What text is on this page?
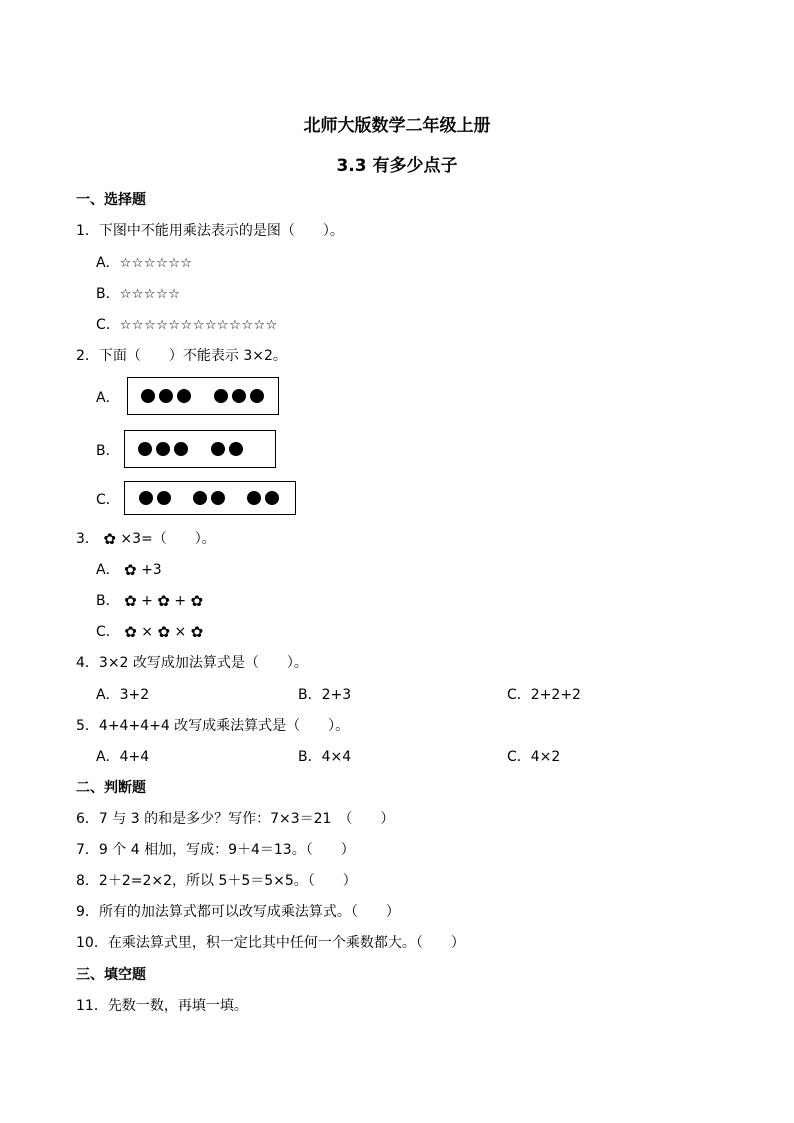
北师大版数学二年级上册
3.3 有多少点子
一、选择题
1．下图中不能用乘法表示的是图（　　）。
A．☆☆☆☆☆☆
B．☆☆☆☆☆
C．☆☆☆☆☆☆☆☆☆☆☆☆☆
2．下面（　　）不能表示 3×2。
A．
B．
C．
3． ✿ ×3=（　　）。
A． ✿ +3
B． ✿ + ✿ + ✿
C． ✿ × ✿ × ✿
4．3×2 改写成加法算式是（　　）。
A．3+2	B．2+3	C．2+2+2
5．4+4+4+4 改写成乘法算式是（　　）。
A．4+4	B．4×4	C．4×2
二、判断题
6．7 与 3 的和是多少？写作：7×3＝21　（　　）
7．9 个 4 相加，写成：9＋4＝13。（　　）
8．2＋2=2×2，所以 5＋5＝5×5。（　　）
9．所有的加法算式都可以改写成乘法算式。（　　）
10．在乘法算式里，积一定比其中任何一个乘数都大。（　　）
三、填空题
11．先数一数，再填一填。
